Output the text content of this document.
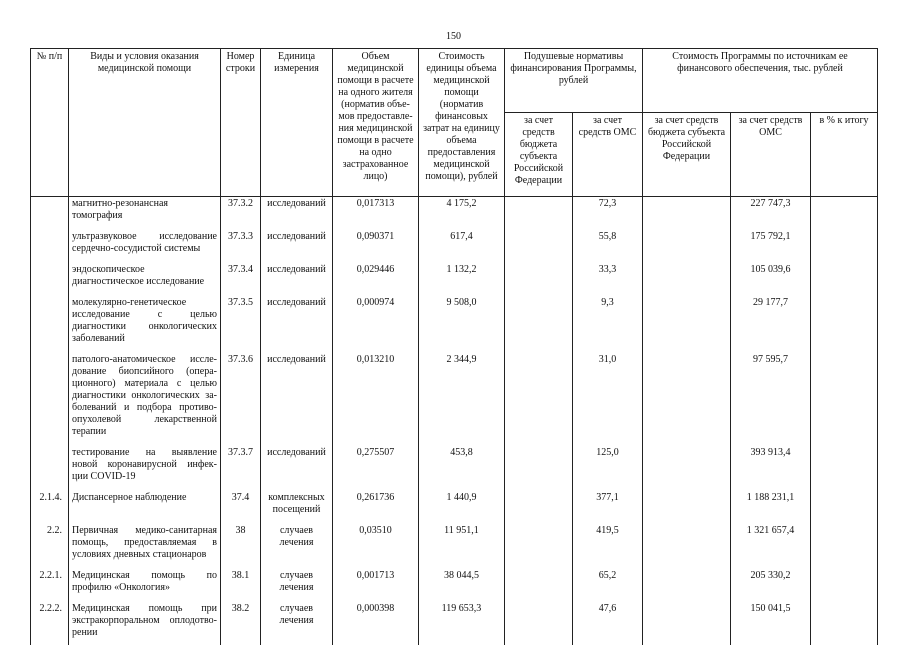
150
№ п/п	Виды и условия оказания медицинской помощи	Номер строки	Единица измерения	Объем медицинской помощи в расчете на одного жителя (норматив объе-мов предоставле-ния медицинской помощи в расчете на одно застрахованное лицо)	Стоимость единицы объема медицинской помощи (норматив финансовых затрат на единицу объема предоставления медицинской помощи), рублей	Подушевые нормативы финансирования Программы, рублей		Стоимость Программы по источникам ее финансового обеспечения, тыс. рублей		
						за счет средств бюджета субъекта Российской Федерации	за счет средств ОМС	за счет средств бюджета субъекта Российской Федерации	за счет средств ОМС	в % к итогу
	магнитно-резонансная томография	37.3.2	исследований	0,017313	4 175,2		72,3		227 747,3	
	ультразвуковое исследование сердечно-сосудистой системы	37.3.3	исследований	0,090371	617,4		55,8		175 792,1	
	эндоскопическое диагностическое исследование	37.3.4	исследований	0,029446	1 132,2		33,3		105 039,6	
	молекулярно-генетическое исследование с целью диагностики онкологических заболеваний	37.3.5	исследований	0,000974	9 508,0		9,3		29 177,7	
	патолого-анатомическое иссле-дование биопсийного (опера-ционного) материала с целью диагностики онкологических за-болеваний и подбора противо-опухолевой лекарственной терапии	37.3.6	исследований	0,013210	2 344,9		31,0		97 595,7	
	тестирование на выявление новой коронавирусной инфек-ции COVID-19	37.3.7	исследований	0,275507	453,8		125,0		393 913,4	
2.1.4.	Диспансерное наблюдение	37.4	комплексных посещений	0,261736	1 440,9		377,1		1 188 231,1	
2.2.	Первичная медико-санитарная помощь, предоставляемая в условиях дневных стационаров	38	случаев лечения	0,03510	11 951,1		419,5		1 321 657,4	
2.2.1.	Медицинская помощь по профилю «Онкология»	38.1	случаев лечения	0,001713	38 044,5		65,2		205 330,2	
2.2.2.	Медицинская помощь при экстракорпоральном оплодотво-рении	38.2	случаев лечения	0,000398	119 653,3		47,6		150 041,5	
